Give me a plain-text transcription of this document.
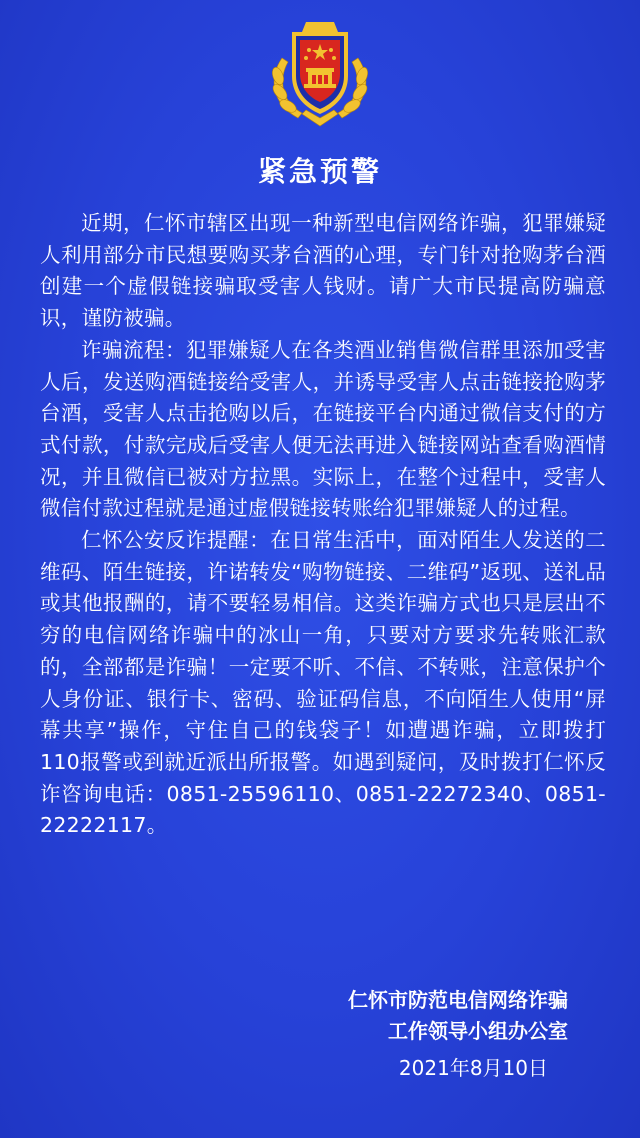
紧急预警

近期，仁怀市辖区出现一种新型电信网络诈骗，犯罪嫌疑人利用部分市民想要购买茅台酒的心理，专门针对抢购茅台酒创建一个虚假链接骗取受害人钱财。请广大市民提高防骗意识，谨防被骗。

诈骗流程：犯罪嫌疑人在各类酒业销售微信群里添加受害人后，发送购酒链接给受害人，并诱导受害人点击链接抢购茅台酒，受害人点击抢购以后，在链接平台内通过微信支付的方式付款，付款完成后受害人便无法再进入链接网站查看购酒情况，并且微信已被对方拉黑。实际上，在整个过程中，受害人微信付款过程就是通过虚假链接转账给犯罪嫌疑人的过程。

仁怀公安反诈提醒：在日常生活中，面对陌生人发送的二维码、陌生链接，许诺转发“购物链接、二维码”返现、送礼品或其他报酬的，请不要轻易相信。这类诈骗方式也只是层出不穷的电信网络诈骗中的冰山一角，只要对方要求先转账汇款的，全部都是诈骗！一定要不听、不信、不转账，注意保护个人身份证、银行卡、密码、验证码信息，不向陌生人使用“屏幕共享”操作，守住自己的钱袋子！如遭遇诈骗，立即拨打110报警或到就近派出所报警。如遇到疑问，及时拨打仁怀反诈咨询电话：0851-25596110、0851-22272340、0851-22222117。

仁怀市防范电信网络诈骗
工作领导小组办公室
2021年8月10日
